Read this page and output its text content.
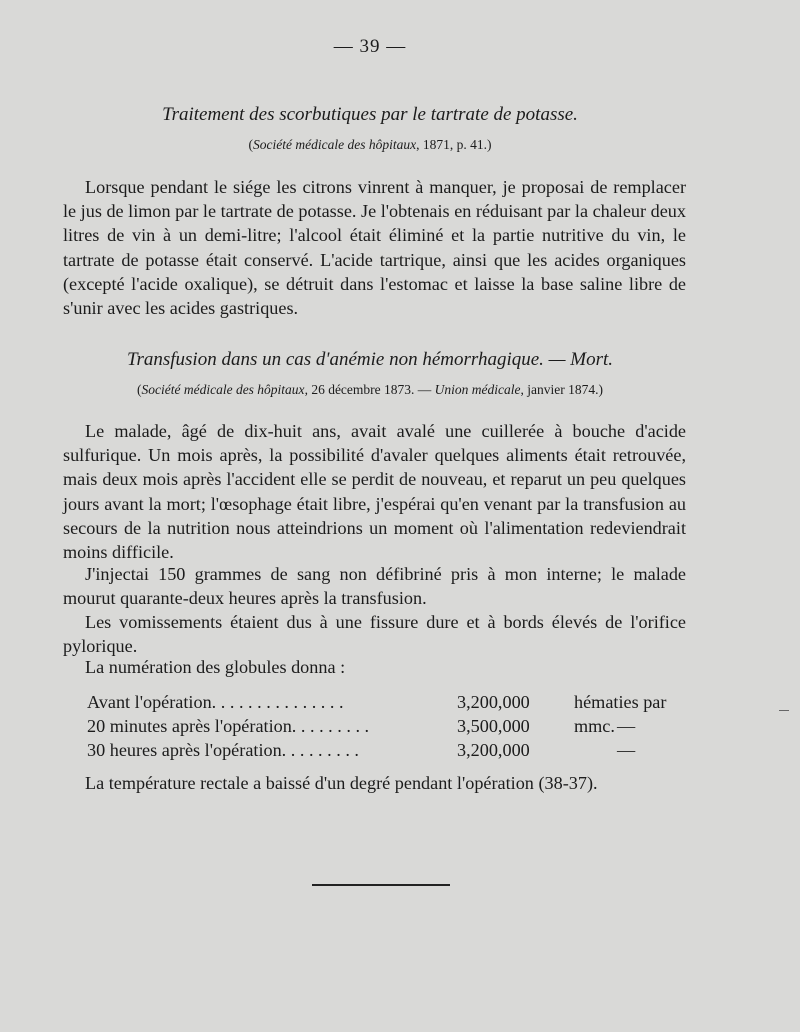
— 39 —
Traitement des scorbutiques par le tartrate de potasse.
(Société médicale des hôpitaux, 1871, p. 41.)
Lorsque pendant le siége les citrons vinrent à manquer, je proposai de remplacer le jus de limon par le tartrate de potasse. Je l'obtenais en réduisant par la chaleur deux litres de vin à un demi-litre; l'alcool était éliminé et la partie nutritive du vin, le tartrate de potasse était conservé. L'acide tartrique, ainsi que les acides organiques (excepté l'acide oxalique), se détruit dans l'estomac et laisse la base saline libre de s'unir avec les acides gastriques.
Transfusion dans un cas d'anémie non hémorrhagique. — Mort.
(Société médicale des hôpitaux, 26 décembre 1873. — Union médicale, janvier 1874.)
Le malade, âgé de dix-huit ans, avait avalé une cuillerée à bouche d'acide sulfurique. Un mois après, la possibilité d'avaler quelques aliments était retrouvée, mais deux mois après l'accident elle se perdit de nouveau, et reparut un peu quelques jours avant la mort; l'œsophage était libre, j'espérai qu'en venant par la transfusion au secours de la nutrition nous atteindrions un moment où l'alimentation redeviendrait moins difficile.
J'injectai 150 grammes de sang non défibriné pris à mon interne; le malade mourut quarante-deux heures après la transfusion.
Les vomissements étaient dus à une fissure dure et à bords élevés de l'orifice pylorique.
La numération des globules donna :
Avant l'opération. . . . . . . . . . . . . . .	3,200,000 hématies par mmc.
20 minutes après l'opération. . . . . . . . .	3,500,000	—
30 heures après l'opération. . . . . . . . .	3,200,000	—
La température rectale a baissé d'un degré pendant l'opération (38-37).
